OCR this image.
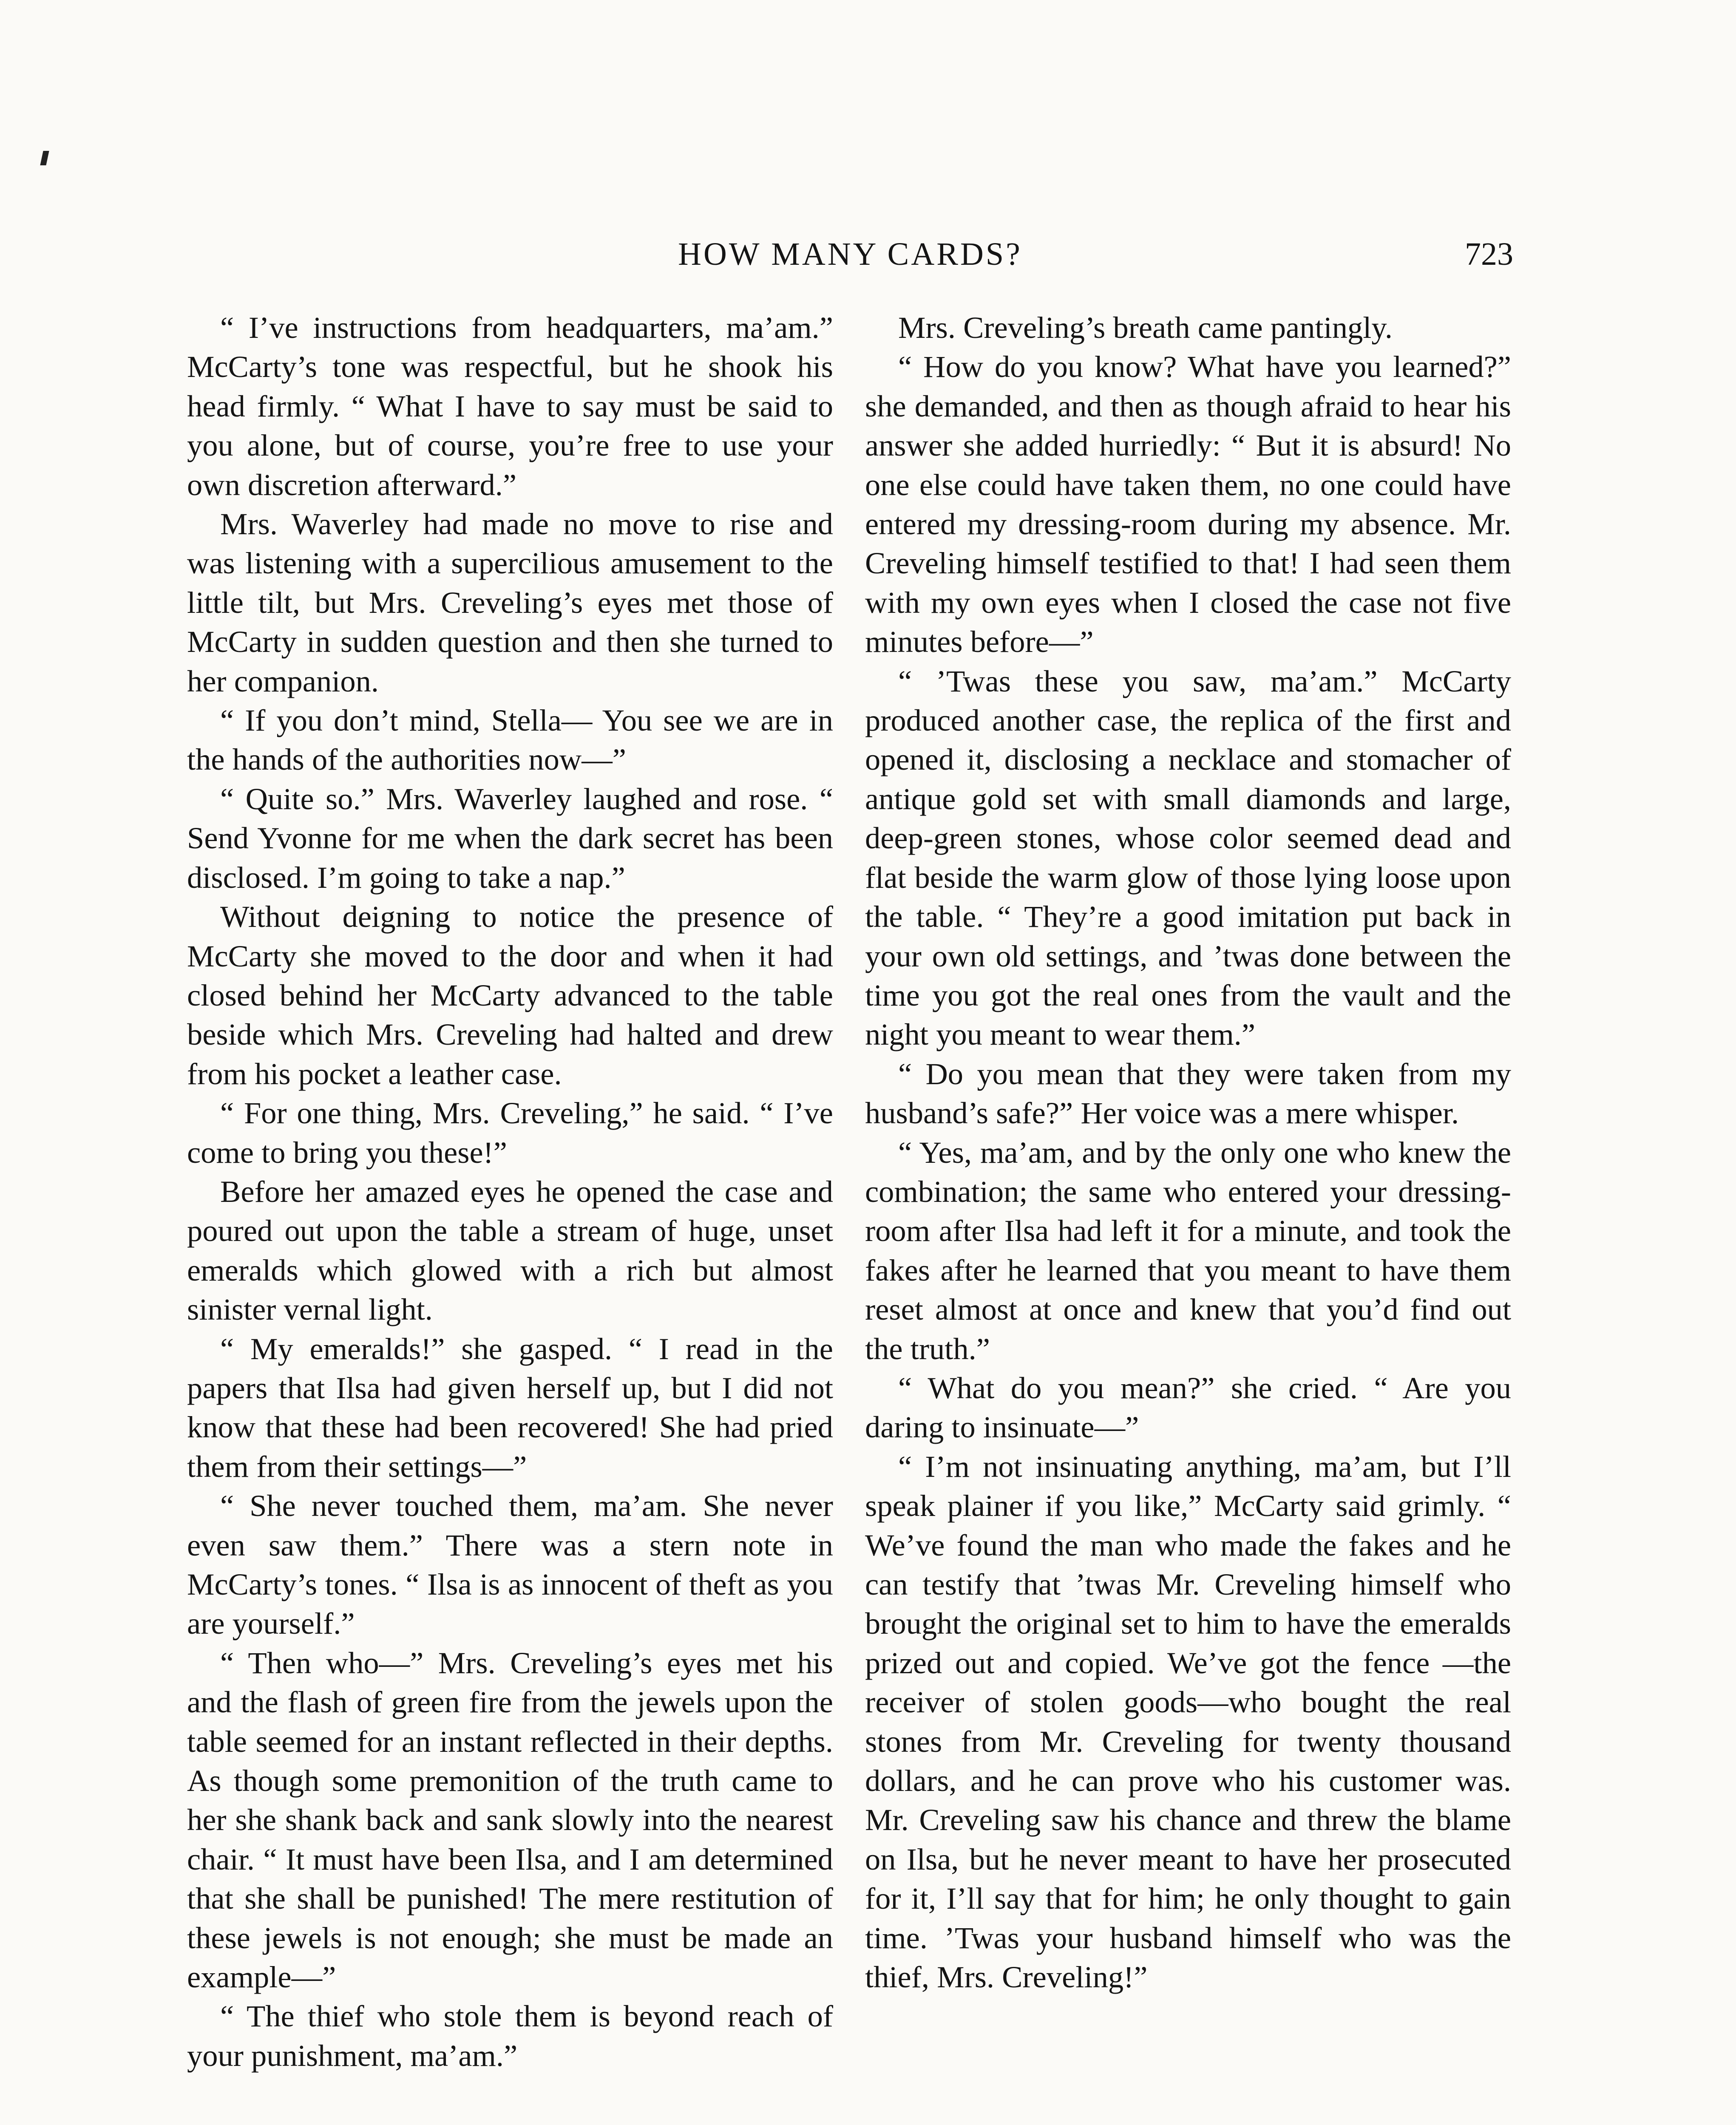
HOW MANY CARDS?	723

“ I’ve instructions from headquarters, ma’am.” McCarty’s tone was respectful, but he shook his head firmly. “ What I have to say must be said to you alone, but of course, you’re free to use your own discretion afterward.”

Mrs. Waverley had made no move to rise and was listening with a supercilious amusement to the little tilt, but Mrs. Creveling’s eyes met those of McCarty in sudden question and then she turned to her companion.

“ If you don’t mind, Stella— You see we are in the hands of the authorities now—”

“ Quite so.” Mrs. Waverley laughed and rose. “ Send Yvonne for me when the dark secret has been disclosed. I’m going to take a nap.”

Without deigning to notice the presence of McCarty she moved to the door and when it had closed behind her McCarty advanced to the table beside which Mrs. Creveling had halted and drew from his pocket a leather case.

“ For one thing, Mrs. Creveling,” he said. “ I’ve come to bring you these!”

Before her amazed eyes he opened the case and poured out upon the table a stream of huge, unset emeralds which glowed with a rich but almost sinister vernal light.

“ My emeralds!” she gasped. “ I read in the papers that Ilsa had given herself up, but I did not know that these had been recovered! She had pried them from their settings—”

“ She never touched them, ma’am. She never even saw them.” There was a stern note in McCarty’s tones. “ Ilsa is as innocent of theft as you are yourself.”

“ Then who—” Mrs. Creveling’s eyes met his and the flash of green fire from the jewels upon the table seemed for an instant reflected in their depths. As though some premonition of the truth came to her she shank back and sank slowly into the nearest chair. “ It must have been Ilsa, and I am determined that she shall be punished! The mere restitution of these jewels is not enough; she must be made an example—”

“ The thief who stole them is beyond reach of your punishment, ma’am.”

Mrs. Creveling’s breath came pantingly.

“ How do you know? What have you learned?” she demanded, and then as though afraid to hear his answer she added hurriedly: “ But it is absurd! No one else could have taken them, no one could have entered my dressing-room during my absence. Mr. Creveling himself testified to that! I had seen them with my own eyes when I closed the case not five minutes before—”

“ ’Twas these you saw, ma’am.” McCarty produced another case, the replica of the first and opened it, disclosing a necklace and stomacher of antique gold set with small diamonds and large, deep-green stones, whose color seemed dead and flat beside the warm glow of those lying loose upon the table. “ They’re a good imitation put back in your own old settings, and ’twas done between the time you got the real ones from the vault and the night you meant to wear them.”

“ Do you mean that they were taken from my husband’s safe?” Her voice was a mere whisper.

“ Yes, ma’am, and by the only one who knew the combination; the same who entered your dressing-room after Ilsa had left it for a minute, and took the fakes after he learned that you meant to have them reset almost at once and knew that you’d find out the truth.”

“ What do you mean?” she cried. “ Are you daring to insinuate—”

“ I’m not insinuating anything, ma’am, but I’ll speak plainer if you like,” McCarty said grimly. “ We’ve found the man who made the fakes and he can testify that ’twas Mr. Creveling himself who brought the original set to him to have the emeralds prized out and copied. We’ve got the fence —the receiver of stolen goods—who bought the real stones from Mr. Creveling for twenty thousand dollars, and he can prove who his customer was. Mr. Creveling saw his chance and threw the blame on Ilsa, but he never meant to have her prosecuted for it, I’ll say that for him; he only thought to gain time. ’Twas your husband himself who was the thief, Mrs. Creveling!”
